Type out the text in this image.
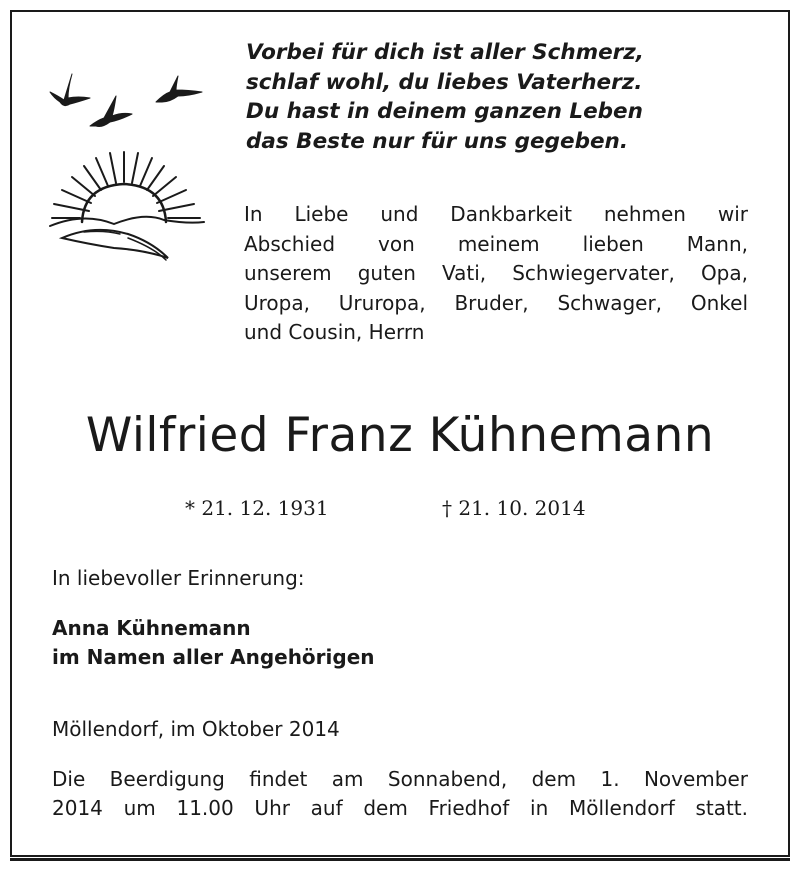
Vorbei für dich ist aller Schmerz,
schlaf wohl, du liebes Vaterherz.
Du hast in deinem ganzen Leben
das Beste nur für uns gegeben.
In Liebe und Dankbarkeit nehmen wir
Abschied von meinem lieben Mann,
unserem guten Vati, Schwiegervater, Opa,
Uropa, Ururopa, Bruder, Schwager, Onkel
und Cousin, Herrn
Wilfried Franz Kühnemann
* 21. 12. 1931	† 21. 10. 2014
In liebevoller Erinnerung:
Anna Kühnemann
im Namen aller Angehörigen
Möllendorf, im Oktober 2014
Die Beerdigung findet am Sonnabend, dem 1. November
2014 um 11.00 Uhr auf dem Friedhof in Möllendorf statt.
